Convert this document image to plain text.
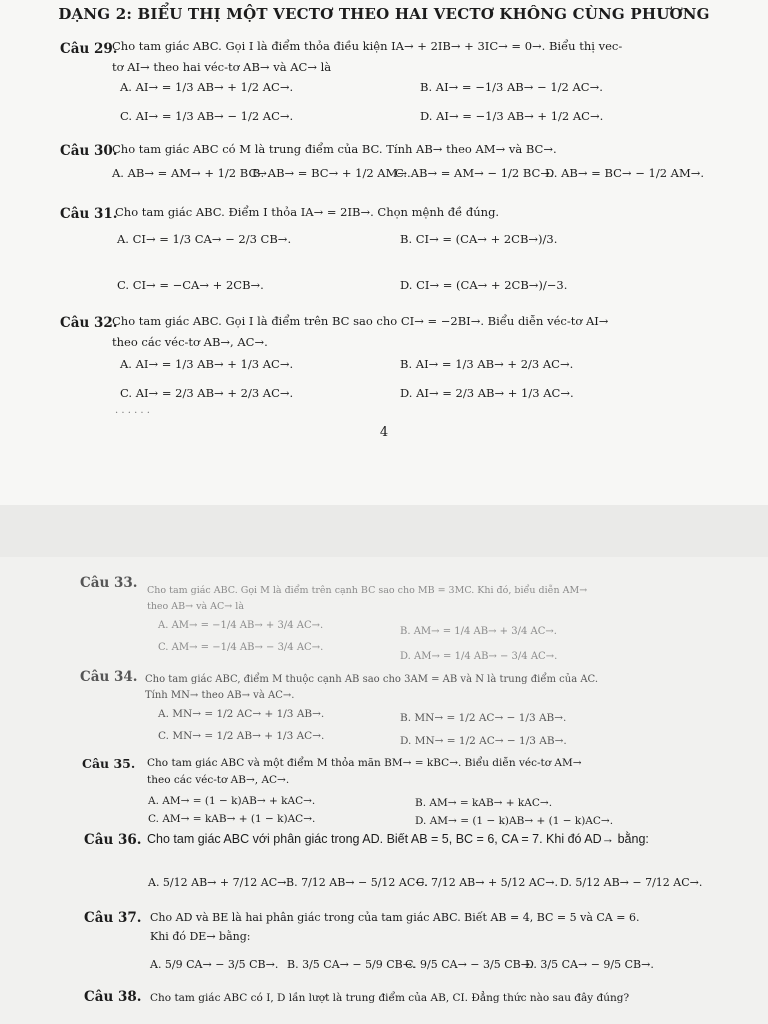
DẠNG 2: BIỂU THỊ MỘT VECTƠ THEO HAI VECTƠ KHÔNG CÙNG PHƯƠNG
Câu 29.
Cho tam giác ABC. Gọi I là điểm thỏa điều kiện IA→ + 2IB→ + 3IC→ = 0→. Biểu thị vec-tơ AI→ theo hai véc-tơ AB→ và AC→ là
A. AI→ = 1/3 AB→ + 1/2 AC→.	B. AI→ = −1/3 AB→ − 1/2 AC→.
C. AI→ = 1/3 AB→ − 1/2 AC→.	D. AI→ = −1/3 AB→ + 1/2 AC→.
Câu 30.
Cho tam giác ABC có M là trung điểm của BC. Tính AB→ theo AM→ và BC→.
A. AB→ = AM→ + 1/2 BC→.
B. AB→ = BC→ + 1/2 AM→.
C. AB→ = AM→ − 1/2 BC→.
D. AB→ = BC→ − 1/2 AM→.
Câu 31.
Cho tam giác ABC. Điểm I thỏa IA→ = 2IB→. Chọn mệnh đề đúng.
A. CI→ = 1/3 CA→ − 2/3 CB→.	B. CI→ = (CA→ + 2CB→)/3.
C. CI→ = −CA→ + 2CB→.	D. CI→ = (CA→ + 2CB→)/−3.
Câu 32.
Cho tam giác ABC. Gọi I là điểm trên BC sao cho CI→ = −2BI→. Biểu diễn véc-tơ AI→ theo các véc-tơ AB→, AC→.
A. AI→ = 1/3 AB→ + 1/3 AC→.	B. AI→ = 1/3 AB→ + 2/3 AC→.
C. AI→ = 2/3 AB→ + 2/3 AC→.	D. AI→ = 2/3 AB→ + 1/3 AC→.
. . . . . .
4
Câu 33. Cho tam giác ABC. Gọi M là điểm trên cạnh BC sao cho MB = 3MC. Khi đó, biểu diễn AM→ theo AB→ và AC→ là
A. AM→ = −1/4 AB→ + 3/4 AC→.
B. AM→ = 1/4 AB→ + 3/4 AC→.
C. AM→ = −1/4 AB→ − 3/4 AC→.
D. AM→ = 1/4 AB→ − 3/4 AC→.
Câu 34. Cho tam giác ABC, điểm M thuộc cạnh AB sao cho 3AM = AB và N là trung điểm của AC. Tính MN→ theo AB→ và AC→.
A. MN→ = 1/2 AC→ + 1/3 AB→.	B. MN→ = 1/2 AC→ − 1/3 AB→.
C. MN→ = 1/2 AB→ + 1/3 AC→.	D. MN→ = 1/2 AC→ − 1/3 AB→.
Câu 35. Cho tam giác ABC và một điểm M thỏa mãn BM→ = kBC→. Biểu diễn véc-tơ AM→ theo các véc-tơ AB→, AC→.
A. AM→ = (1 − k)AB→ + kAC→.	B. AM→ = kAB→ + kAC→.
C. AM→ = kAB→ + (1 − k)AC→.	D. AM→ = (1 − k)AB→ + (1 − k)AC→.
Câu 36. Cho tam giác ABC với phân giác trong AD. Biết AB = 5, BC = 6, CA = 7. Khi đó AD→ bằng:
A. 5/12 AB→ + 7/12 AC→.
B. 7/12 AB→ − 5/12 AC→.
C. 7/12 AB→ + 5/12 AC→. D. 5/12 AB→ − 7/12 AC→.
Câu 37. Cho AD và BE là hai phân giác trong của tam giác ABC. Biết AB = 4, BC = 5 và CA = 6. Khi đó DE→ bằng:
A. 5/9 CA→ − 3/5 CB→. B. 3/5 CA→ − 5/9 CB→.
C. 9/5 CA→ − 3/5 CB→.
D. 3/5 CA→ − 9/5 CB→.
Câu 38. Cho tam giác ABC có I, D lần lượt là trung điểm của AB, CI. Đẳng thức nào sau đây đúng?
